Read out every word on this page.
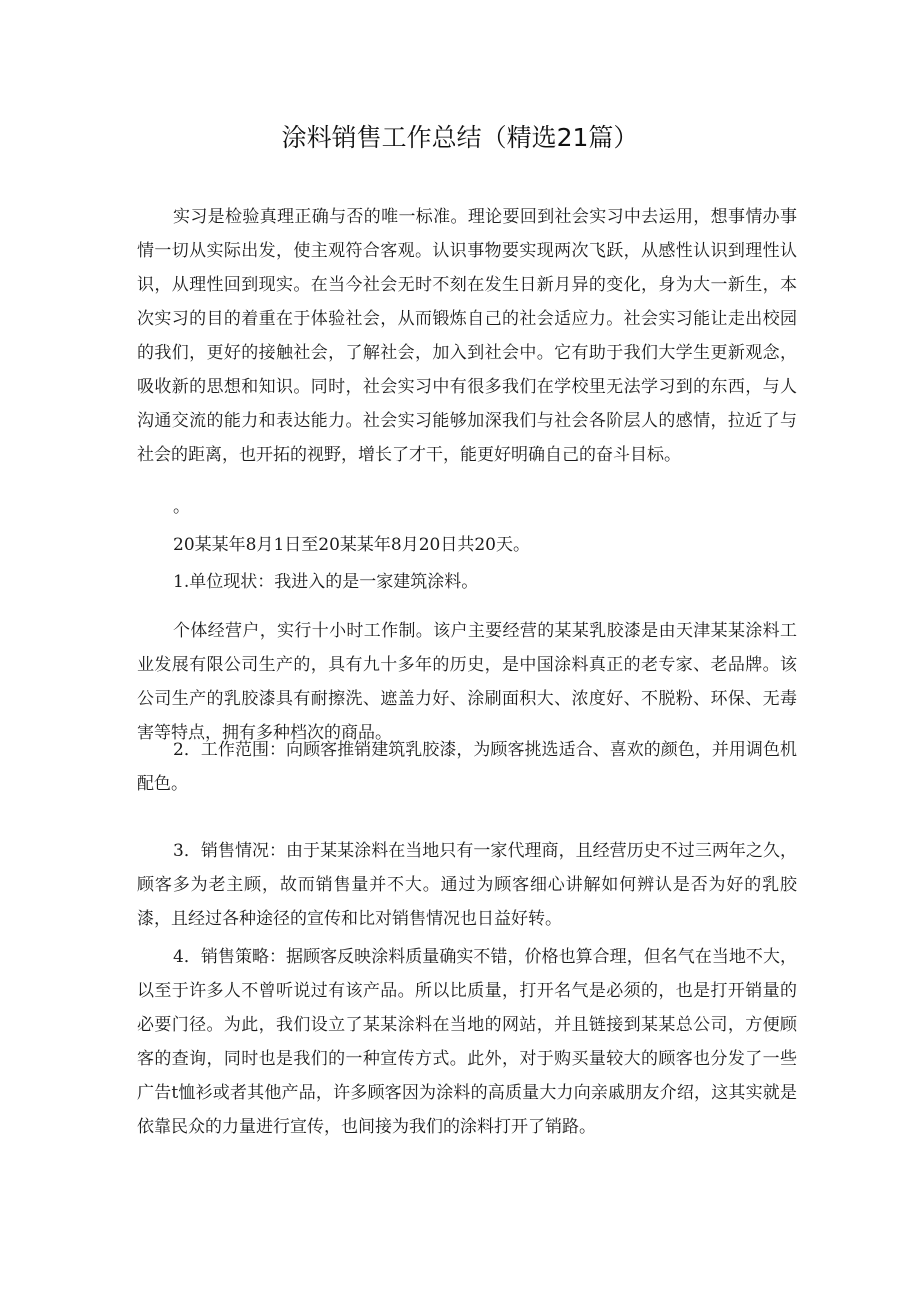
涂料销售工作总结（精选21篇）

实习是检验真理正确与否的唯一标准。理论要回到社会实习中去运用，想事情办事情一切从实际出发，使主观符合客观。认识事物要实现两次飞跃，从感性认识到理性认识，从理性回到现实。在当今社会无时不刻在发生日新月异的变化，身为大一新生，本次实习的目的着重在于体验社会，从而锻炼自己的社会适应力。社会实习能让走出校园的我们，更好的接触社会，了解社会，加入到社会中。它有助于我们大学生更新观念，吸收新的思想和知识。同时，社会实习中有很多我们在学校里无法学习到的东西，与人沟通交流的能力和表达能力。社会实习能够加深我们与社会各阶层人的感情，拉近了与社会的距离，也开拓的视野，增长了才干，能更好明确自己的奋斗目标。

。

20某某年8月1日至20某某年8月20日共20天。

1.单位现状：我进入的是一家建筑涂料。

个体经营户，实行十小时工作制。该户主要经营的某某乳胶漆是由天津某某涂料工业发展有限公司生产的，具有九十多年的历史，是中国涂料真正的老专家、老品牌。该公司生产的乳胶漆具有耐擦洗、遮盖力好、涂刷面积大、浓度好、不脱粉、环保、无毒害等特点，拥有多种档次的商品。

2．工作范围：向顾客推销建筑乳胶漆，为顾客挑选适合、喜欢的颜色，并用调色机配色。

3．销售情况：由于某某涂料在当地只有一家代理商，且经营历史不过三两年之久，顾客多为老主顾，故而销售量并不大。通过为顾客细心讲解如何辨认是否为好的乳胶漆，且经过各种途径的宣传和比对销售情况也日益好转。

4．销售策略：据顾客反映涂料质量确实不错，价格也算合理，但名气在当地不大，以至于许多人不曾听说过有该产品。所以比质量，打开名气是必须的，也是打开销量的必要门径。为此，我们设立了某某涂料在当地的网站，并且链接到某某总公司，方便顾客的查询，同时也是我们的一种宣传方式。此外，对于购买量较大的顾客也分发了一些广告t恤衫或者其他产品，许多顾客因为涂料的高质量大力向亲戚朋友介绍，这其实就是依靠民众的力量进行宣传，也间接为我们的涂料打开了销路。
